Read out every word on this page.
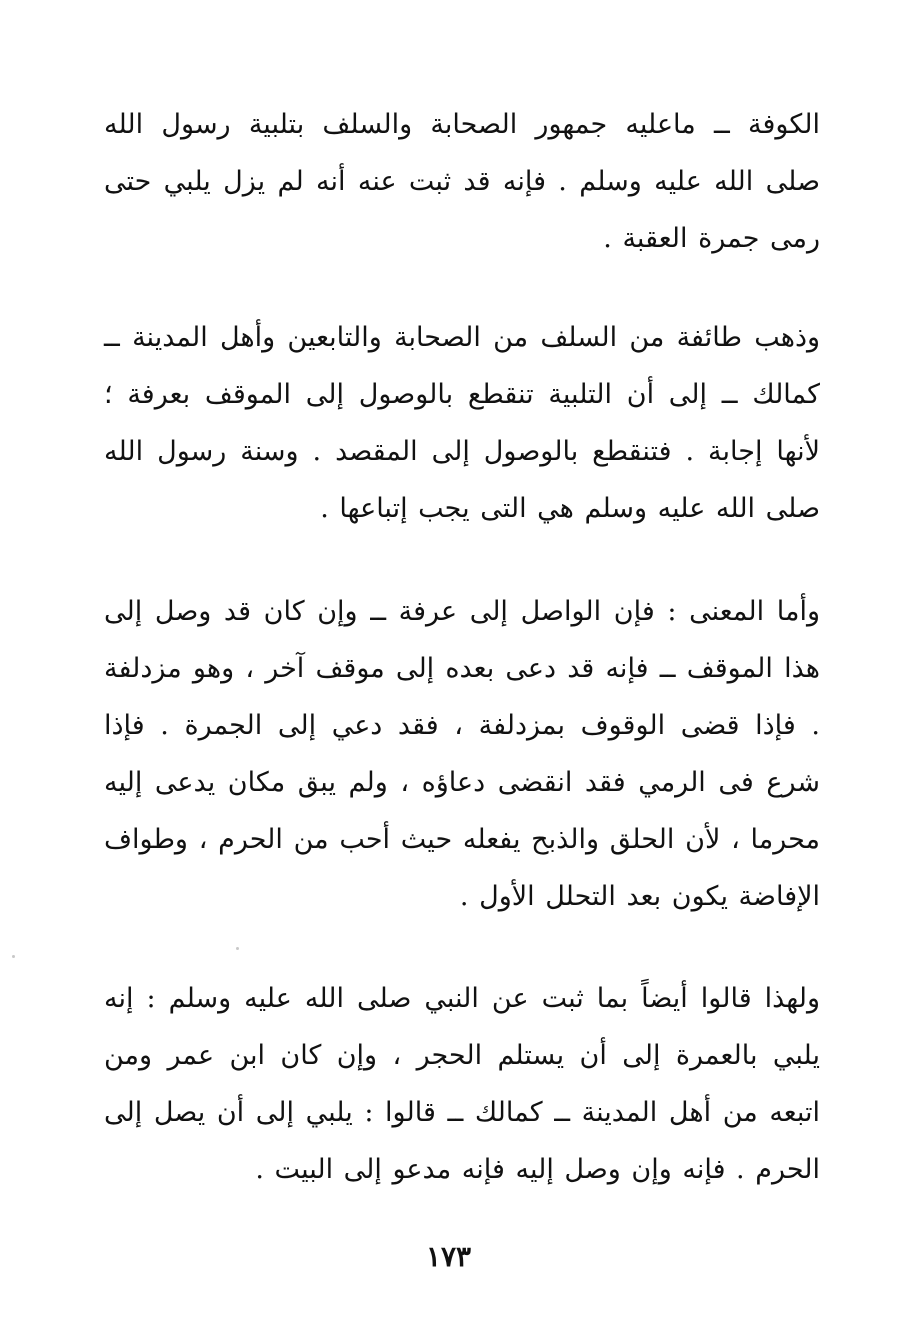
الكوفة ــ ماعليه جمهور الصحابة والسلف بتلبية رسول الله صلى الله عليه وسلم . فإنه قد ثبت عنه أنه لم يزل يلبي حتى رمى جمرة العقبة .
وذهب طائفة من السلف من الصحابة والتابعين وأهل المدينة ــ كمالك ــ إلى أن التلبية تنقطع بالوصول إلى الموقف بعرفة ؛ لأنها إجابة . فتنقطع بالوصول إلى المقصد . وسنة رسول الله صلى الله عليه وسلم هي التى يجب إتباعها .
وأما المعنى : فإن الواصل إلى عرفة ــ وإن كان قد وصل إلى هذا الموقف ــ فإنه قد دعى بعده إلى موقف آخر ، وهو مزدلفة . فإذا قضى الوقوف بمزدلفة ، فقد دعي إلى الجمرة . فإذا شرع فى الرمي فقد انقضى دعاؤه ، ولم يبق مكان يدعى إليه محرما ، لأن الحلق والذبح يفعله حيث أحب من الحرم ، وطواف الإفاضة يكون بعد التحلل الأول .
ولهذا قالوا أيضاً بما ثبت عن النبي صلى الله عليه وسلم : إنه يلبي بالعمرة إلى أن يستلم الحجر ، وإن كان ابن عمر ومن اتبعه من أهل المدينة ــ كمالك ــ قالوا : يلبي إلى أن يصل إلى الحرم . فإنه وإن وصل إليه فإنه مدعو إلى البيت .
١٧٣
